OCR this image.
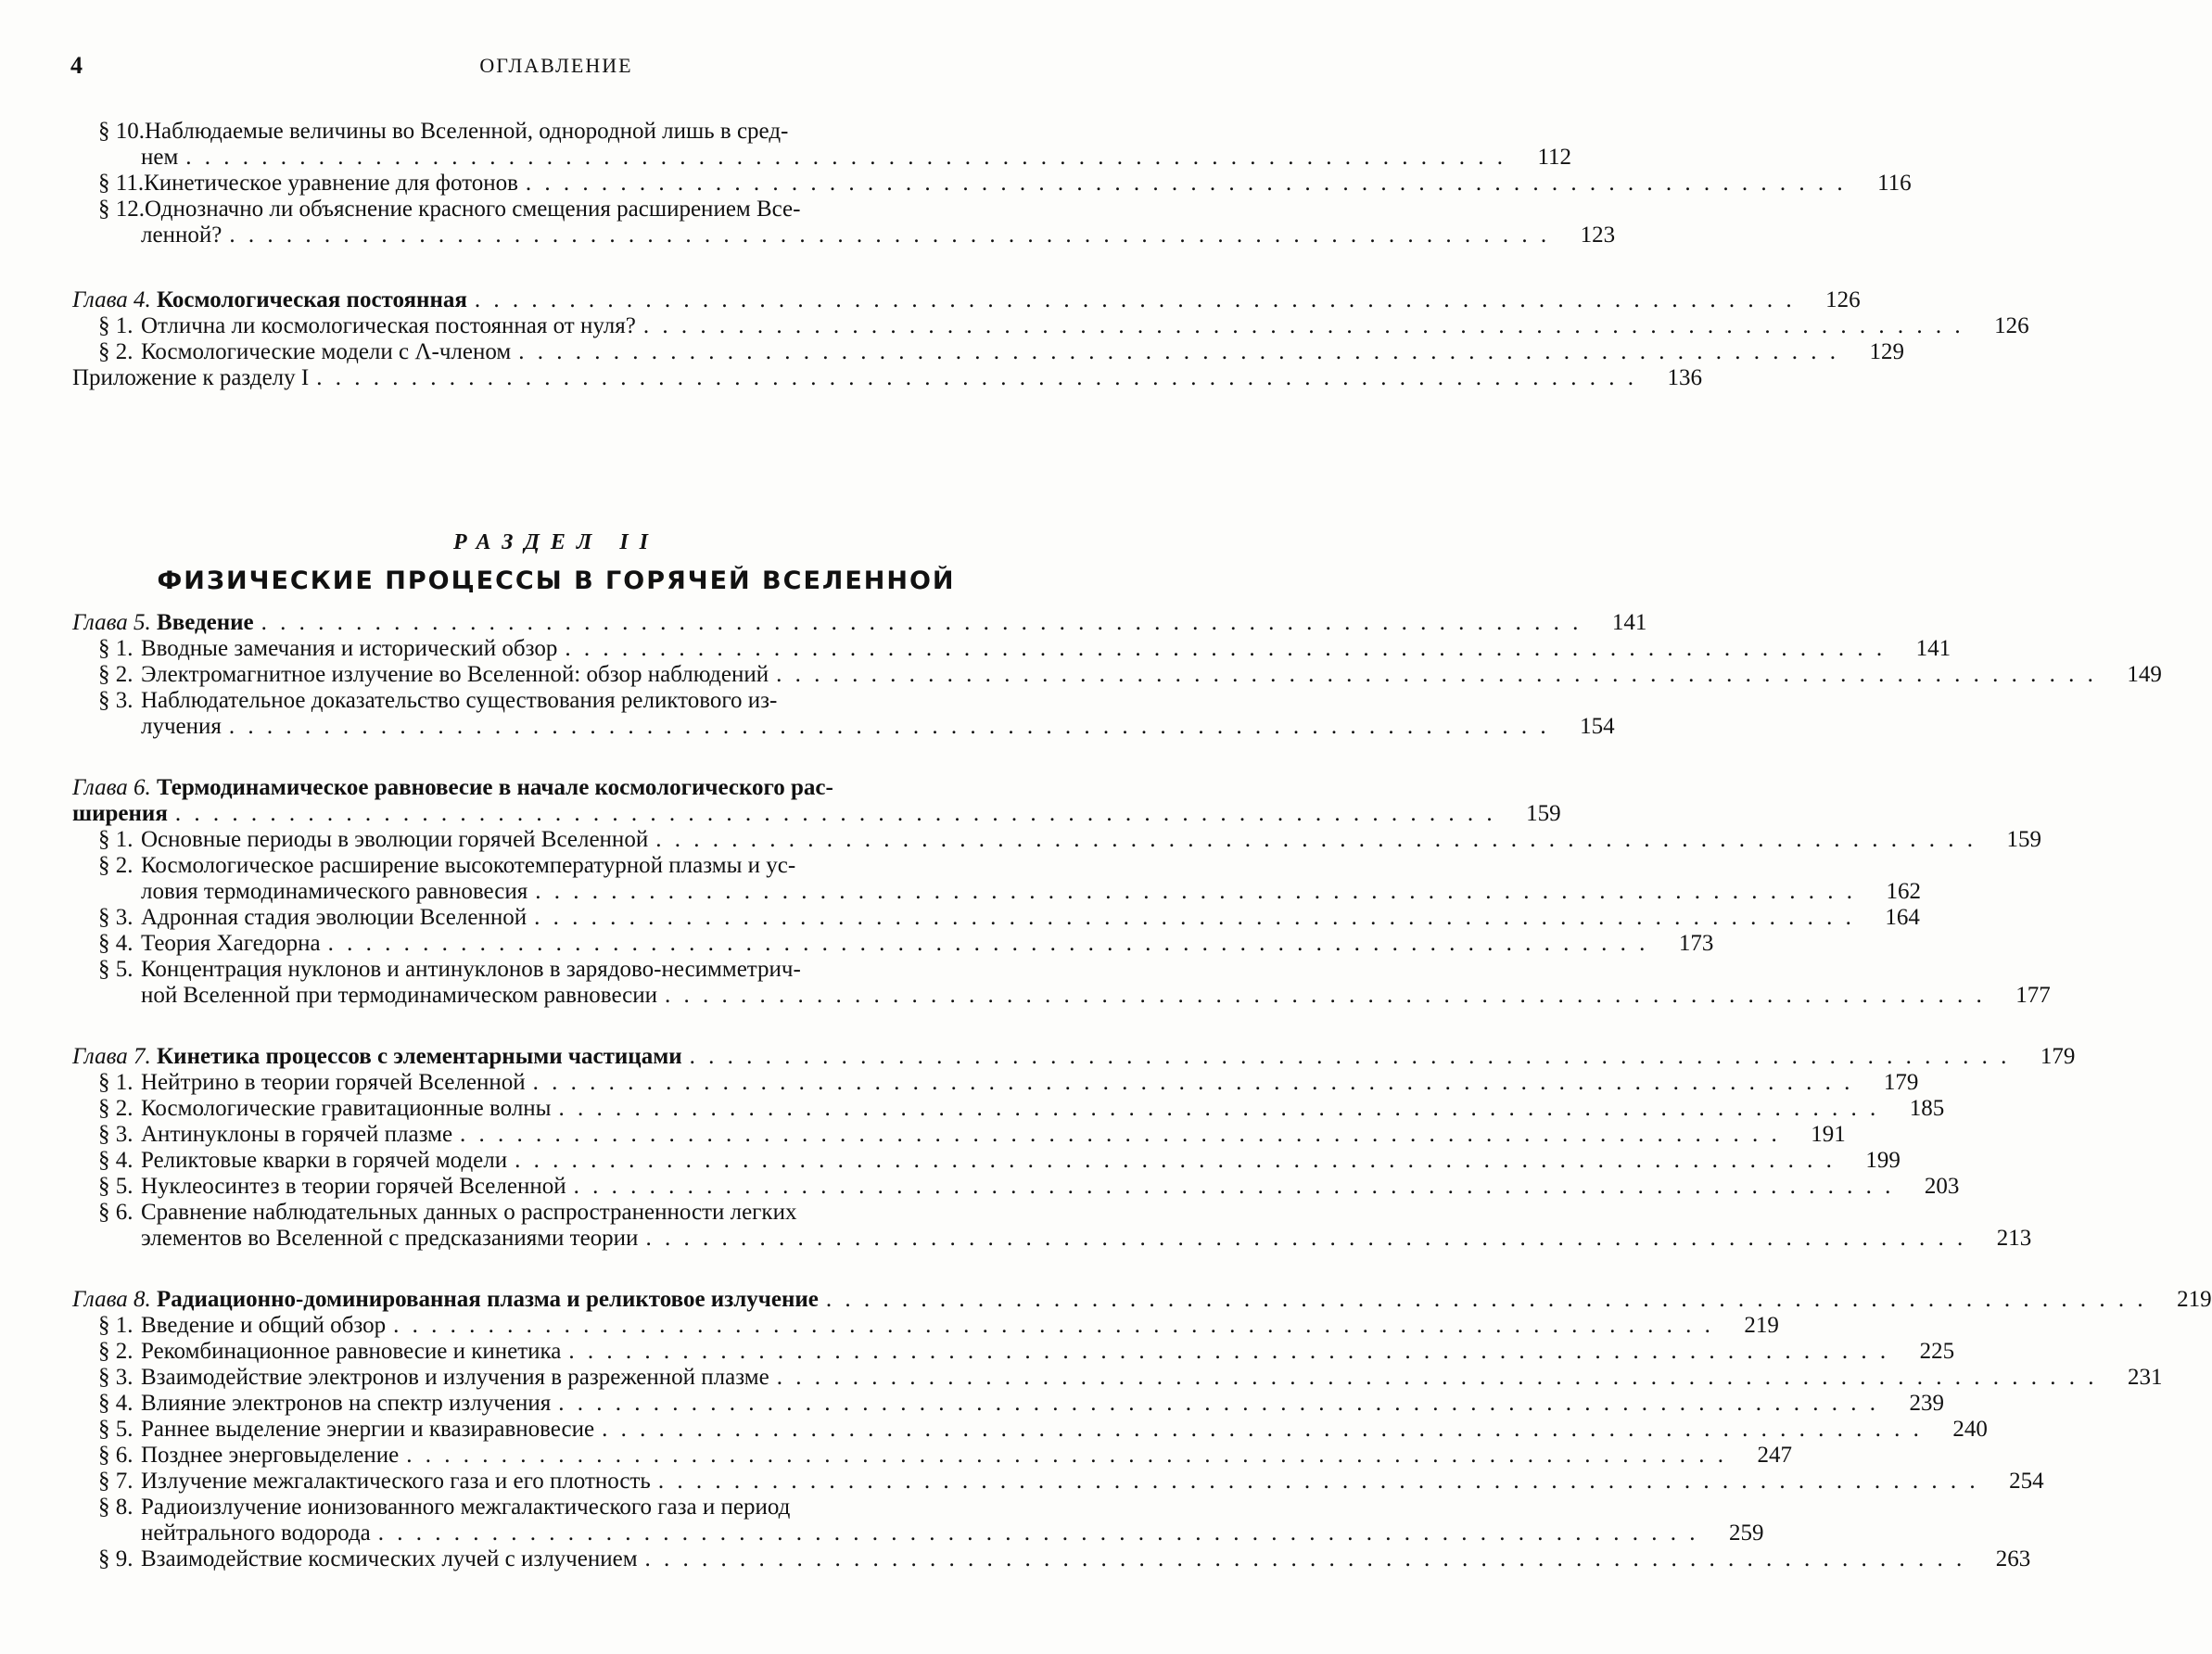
4	ОГЛАВЛЕНИЕ
§ 10.Наблюдаемые величины во Вселенной, однородной лишь в сред-
нем . . .	112
§ 11.Кинетическое уравнение для фотонов . . .	116
§ 12.Однозначно ли объяснение красного смещения расширением Все-
ленной? . . .	123
Глава 4. Космологическая постоянная . . .	126
§ 1.Отлична ли космологическая постоянная от нуля? . . .	126
§ 2.Космологические модели с Λ-членом . . .	129
Приложение к разделу I . . .	136
РАЗДЕЛ II
ФИЗИЧЕСКИЕ ПРОЦЕССЫ В ГОРЯЧЕЙ ВСЕЛЕННОЙ
Глава 5. Введение . . .	141
§ 1.Вводные замечания и исторический обзор . . .	141
§ 2.Электромагнитное излучение во Вселенной: обзор наблюдений . . .	149
§ 3.Наблюдательное доказательство существования реликтового из-
лучения . . .	154
Глава 6. Термодинамическое равновесие в начале космологического рас-
ширения . . .	159
§ 1.Основные периоды в эволюции горячей Вселенной . . .	159
§ 2.Космологическое расширение высокотемпературной плазмы и ус-
ловия термодинамического равновесия . . .	162
§ 3.Адронная стадия эволюции Вселенной . . .	164
§ 4.Теория Хагедорна . . .	173
§ 5.Концентрация нуклонов и антинуклонов в зарядово-несимметрич-
ной Вселенной при термодинамическом равновесии . . .	177
Глава 7. Кинетика процессов с элементарными частицами . . .	179
§ 1.Нейтрино в теории горячей Вселенной . . .	179
§ 2.Космологические гравитационные волны . . .	185
§ 3.Антинуклоны в горячей плазме . . .	191
§ 4.Реликтовые кварки в горячей модели . . .	199
§ 5.Нуклеосинтез в теории горячей Вселенной . . .	203
§ 6.Сравнение наблюдательных данных о распространенности легких
элементов во Вселенной с предсказаниями теории . . .	213
Глава 8. Радиационно-доминированная плазма и реликтовое излучение . . .	219
§ 1.Введение и общий обзор . . .	219
§ 2.Рекомбинационное равновесие и кинетика . . .	225
§ 3.Взаимодействие электронов и излучения в разреженной плазме . . .	231
§ 4.Влияние электронов на спектр излучения . . .	239
§ 5.Раннее выделение энергии и квазиравновесие . . .	240
§ 6.Позднее энерговыделение . . .	247
§ 7.Излучение межгалактического газа и его плотность . . .	254
§ 8.Радиоизлучение ионизованного межгалактического газа и период
нейтрального водорода . . .	259
§ 9.Взаимодействие космических лучей с излучением . . .	263
